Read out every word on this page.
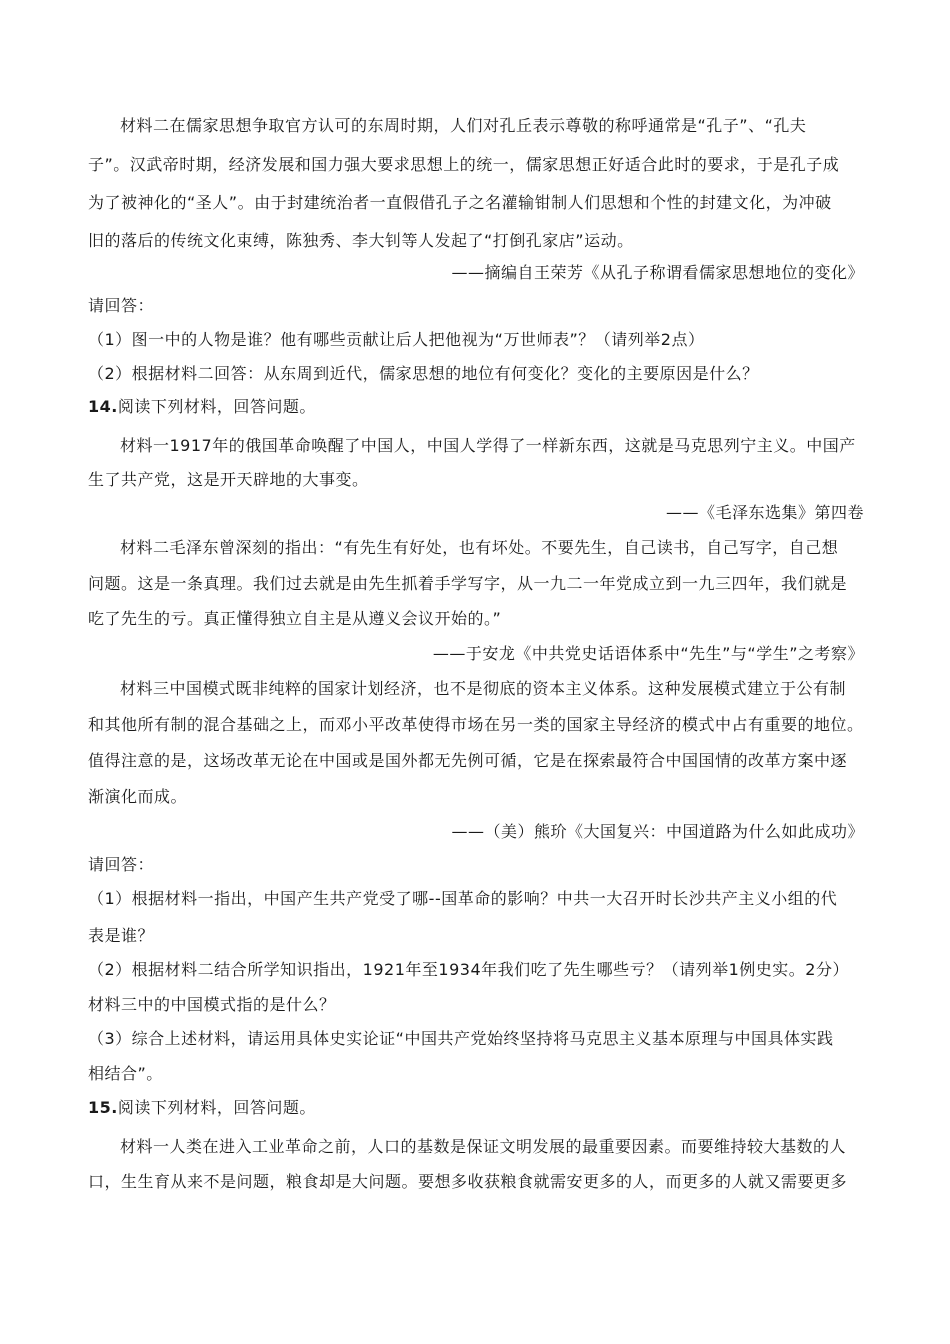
材料二在儒家思想争取官方认可的东周时期，人们对孔丘表示尊敬的称呼通常是“孔子”、“孔夫
子”。汉武帝时期，经济发展和国力强大要求思想上的统一，儒家思想正好适合此时的要求，于是孔子成
为了被神化的“圣人”。由于封建统治者一直假借孔子之名灌输钳制人们思想和个性的封建文化，为冲破
旧的落后的传统文化束缚，陈独秀、李大钊等人发起了“打倒孔家店”运动。
——摘编自王荣芳《从孔子称谓看儒家思想地位的变化》
请回答：
（1）图一中的人物是谁？他有哪些贡献让后人把他视为“万世师表”？（请列举2点）
（2）根据材料二回答：从东周到近代，儒家思想的地位有何变化？变化的主要原因是什么？
14.阅读下列材料，回答问题。
材料一1917年的俄国革命唤醒了中国人，中国人学得了一样新东西，这就是马克思列宁主义。中国产
生了共产党，这是开天辟地的大事变。
——《毛泽东选集》第四卷
材料二毛泽东曾深刻的指出：“有先生有好处，也有坏处。不要先生，自己读书，自己写字，自己想
问题。这是一条真理。我们过去就是由先生抓着手学写字，从一九二一年党成立到一九三四年，我们就是
吃了先生的亏。真正懂得独立自主是从遵义会议开始的。”
——于安龙《中共党史话语体系中“先生”与“学生”之考察》
材料三中国模式既非纯粹的国家计划经济，也不是彻底的资本主义体系。这种发展模式建立于公有制
和其他所有制的混合基础之上，而邓小平改革使得市场在另一类的国家主导经济的模式中占有重要的地位。
值得注意的是，这场改革无论在中国或是国外都无先例可循，它是在探索最符合中国国情的改革方案中逐
渐演化而成。
——（美）熊玠《大国复兴：中国道路为什么如此成功》
请回答：
（1）根据材料一指出，中国产生共产党受了哪--国革命的影响？中共一大召开时长沙共产主义小组的代
表是谁？
（2）根据材料二结合所学知识指出，1921年至1934年我们吃了先生哪些亏？（请列举1例史实。2分）
材料三中的中国模式指的是什么？
（3）综合上述材料，请运用具体史实论证“中国共产党始终坚持将马克思主义基本原理与中国具体实践
相结合”。
15.阅读下列材料，回答问题。
材料一人类在进入工业革命之前，人口的基数是保证文明发展的最重要因素。而要维持较大基数的人
口，生生育从来不是问题，粮食却是大问题。要想多收获粮食就需安更多的人，而更多的人就又需要更多
